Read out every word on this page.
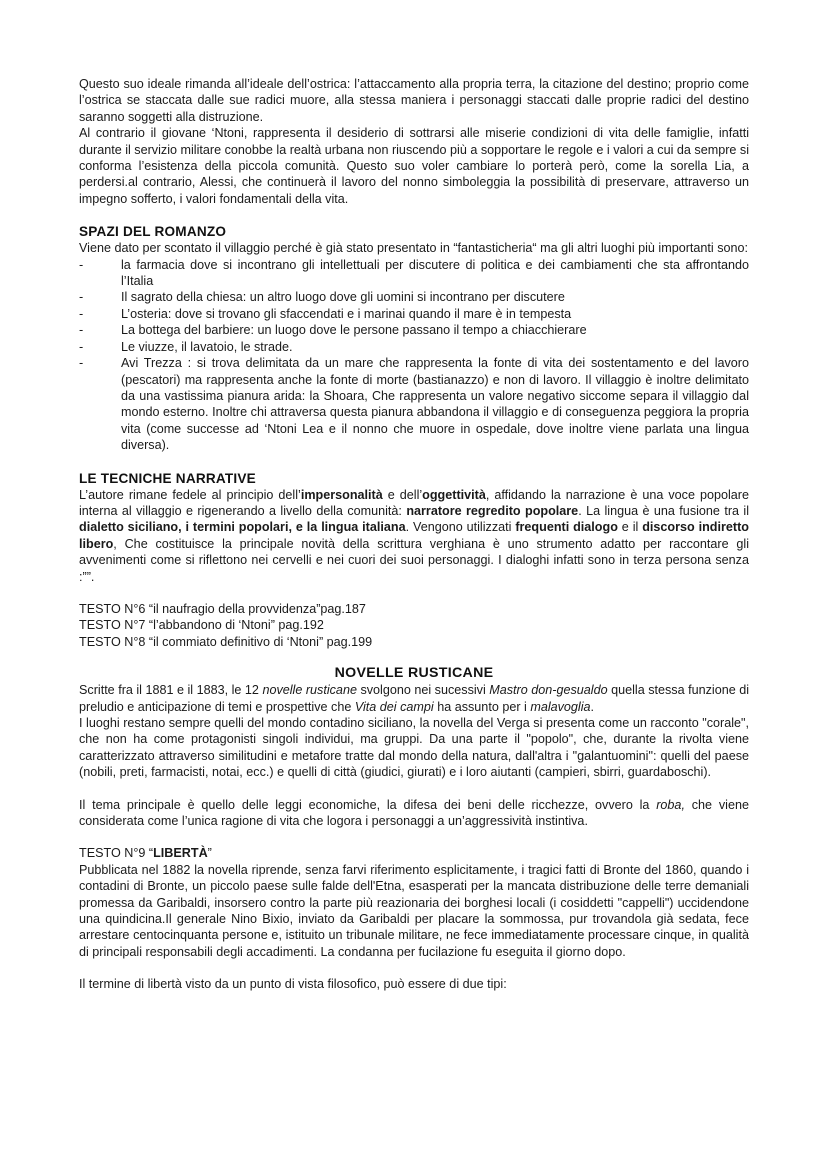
Questo suo ideale rimanda all’ideale dell’ostrica: l’attaccamento alla propria terra, la citazione del destino; proprio come l’ostrica se staccata dalle sue radici muore, alla stessa maniera i personaggi staccati dalle proprie radici del destino saranno soggetti alla distruzione.

Al contrario il giovane ‘Ntoni, rappresenta il desiderio di sottrarsi alle miserie condizioni di vita delle famiglie, infatti durante il servizio militare conobbe la realtà urbana non riuscendo più a sopportare le regole e i valori a cui da sempre si conforma l’esistenza della piccola comunità. Questo suo voler cambiare lo porterà però, come la sorella Lia, a perdersi.al contrario, Alessi, che continuerà il lavoro del nonno simboleggia la possibilità di preservare, attraverso un impegno sofferto, i valori fondamentali della vita.

SPAZI DEL ROMANZO

Viene dato per scontato il villaggio perché è già stato presentato in “fantasticheria“ ma gli altri luoghi più importanti sono:

-	la farmacia dove si incontrano gli intellettuali per discutere di politica e dei cambiamenti che sta affrontando l’Italia
-	Il sagrato della chiesa: un altro luogo dove gli uomini si incontrano per discutere
-	L’osteria: dove si trovano gli sfaccendati e i marinai quando il mare è in tempesta
-	La bottega del barbiere: un luogo dove le persone passano il tempo a chiacchierare
-	Le viuzze, il lavatoio, le strade.
-	Avi Trezza : si trova delimitata da un mare che rappresenta la fonte di vita dei sostentamento e del lavoro (pescatori) ma rappresenta anche la fonte di morte (bastianazzo) e non di lavoro. Il villaggio è inoltre delimitato da una vastissima pianura arida: la Shoara, Che rappresenta un valore negativo siccome separa il villaggio dal mondo esterno. Inoltre chi attraversa questa pianura abbandona il villaggio e di conseguenza peggiora la propria vita (come successe ad ‘Ntoni Lea e il nonno che muore in ospedale, dove inoltre viene parlata una lingua diversa).
LE TECNICHE NARRATIVE

L’autore rimane fedele al principio dell’impersonalità e dell’oggettività, affidando la narrazione è una voce popolare interna al villaggio e rigenerando a livello della comunità: narratore regredito popolare. La lingua è una fusione tra il dialetto siciliano, i termini popolari, e la lingua italiana. Vengono utilizzati frequenti dialogo e il discorso indiretto libero, Che costituisce la principale novità della scrittura verghiana è uno strumento adatto per raccontare gli avvenimenti come si riflettono nei cervelli e nei cuori dei suoi personaggi. I dialoghi infatti sono in terza persona senza :””.

TESTO N°6 “il naufragio della provvidenza”pag.187
TESTO N°7 “l’abbandono di ‘Ntoni” pag.192
TESTO N°8 “il commiato definitivo di ‘Ntoni” pag.199
NOVELLE RUSTICANE

Scritte fra il 1881 e il 1883, le 12 novelle rusticane svolgono nei sucessivi Mastro don-gesualdo quella stessa funzione di preludio e anticipazione di temi e prospettive che Vita dei campi ha assunto per i malavoglia.

I luoghi restano sempre quelli del mondo contadino siciliano, la novella del Verga si presenta come un racconto "corale", che non ha come protagonisti singoli individui, ma gruppi. Da una parte il "popolo", che, durante la rivolta viene caratterizzato attraverso similitudini e metafore tratte dal mondo della natura, dall'altra i "galantuomini": quelli del paese (nobili, preti, farmacisti, notai, ecc.) e quelli di città (giudici, giurati) e i loro aiutanti (campieri, sbirri, guardaboschi).

Il tema principale è quello delle leggi economiche, la difesa dei beni delle ricchezze, ovvero la roba, che viene considerata come l’unica ragione di vita che logora i personaggi a un’aggressività instintiva.

TESTO N°9 “LIBERTÀ”

Pubblicata nel 1882 la novella riprende, senza farvi riferimento esplicitamente, i tragici fatti di Bronte del 1860, quando i contadini di Bronte, un piccolo paese sulle falde dell'Etna, esasperati per la mancata distribuzione delle terre demaniali promessa da Garibaldi, insorsero contro la parte più reazionaria dei borghesi locali (i cosiddetti "cappelli") uccidendone una quindicina.Il generale Nino Bixio, inviato da Garibaldi per placare la sommossa, pur trovandola già sedata, fece arrestare centocinquanta persone e, istituito un tribunale militare, ne fece immediatamente processare cinque, in qualità di principali responsabili degli accadimenti. La condanna per fucilazione fu eseguita il giorno dopo.

Il termine di libertà visto da un punto di vista filosofico, può essere di due tipi:
